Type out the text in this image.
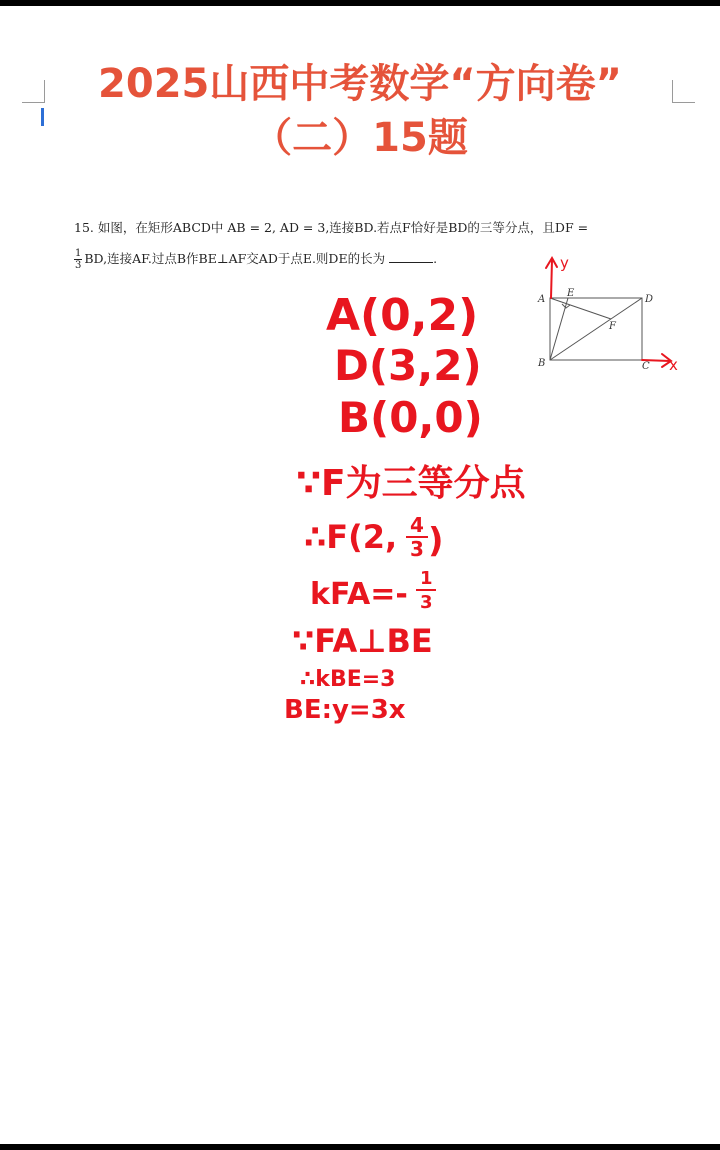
2025山西中考数学“方向卷”
（二）15题
15. 如图，在矩形ABCD中 AB = 2, AD = 3,连接BD.若点F恰好是BD的三等分点，且DF =
$\frac{1}{3}$ BD,连接AF.过点B作BE⊥AF交AD于点E.则DE的长为	.
A
B	C
D
E
F
y
x
A(0,2)
D(3,2)
B(0,0)
∵F为三等分点
∴F(2, 4
3 )
kFA=- 1
3
∵FA⊥BE
∴kBE=3
BE:y=3x
